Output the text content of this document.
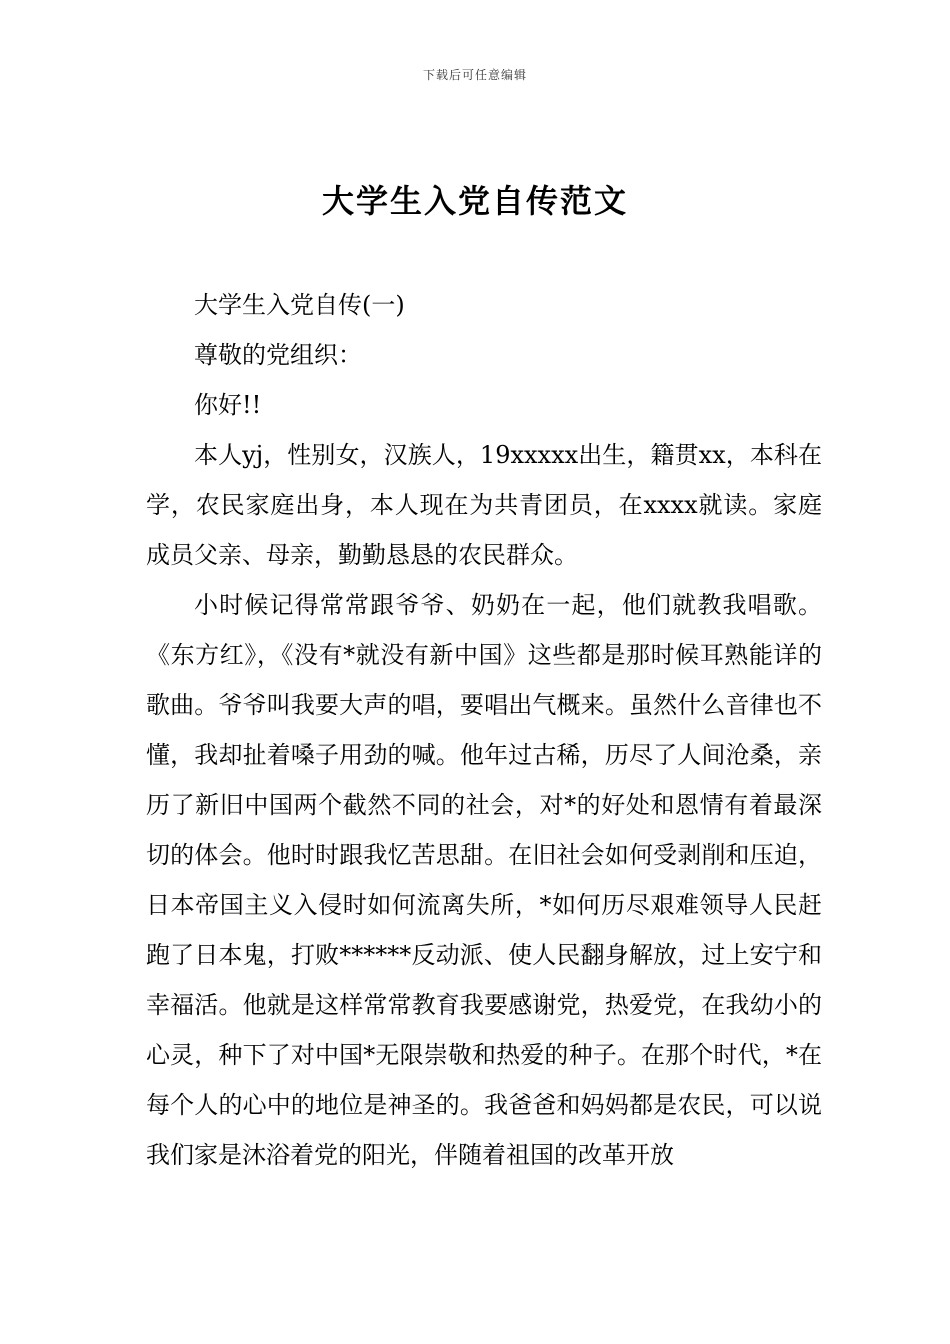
下载后可任意编辑
大学生入党自传范文

大学生入党自传(一)

尊敬的党组织：

你好!!

本人yj，性别女，汉族人，19xxxxx出生，籍贯xx，本科在学，农民家庭出身，本人现在为共青团员，在xxxx就读。家庭成员父亲、母亲，勤勤恳恳的农民群众。

小时候记得常常跟爷爷、奶奶在一起，他们就教我唱歌。《东方红》，《没有*就没有新中国》这些都是那时候耳熟能详的歌曲。爷爷叫我要大声的唱，要唱出气概来。虽然什么音律也不懂，我却扯着嗓子用劲的喊。他年过古稀，历尽了人间沧桑，亲历了新旧中国两个截然不同的社会，对*的好处和恩情有着最深切的体会。他时时跟我忆苦思甜。在旧社会如何受剥削和压迫，日本帝国主义入侵时如何流离失所，*如何历尽艰难领导人民赶跑了日本鬼，打败******反动派、使人民翻身解放，过上安宁和幸福活。他就是这样常常教育我要感谢党，热爱党，在我幼小的心灵，种下了对中国*无限崇敬和热爱的种子。在那个时代，*在每个人的心中的地位是神圣的。我爸爸和妈妈都是农民，可以说我们家是沐浴着党的阳光，伴随着祖国的改革开放
